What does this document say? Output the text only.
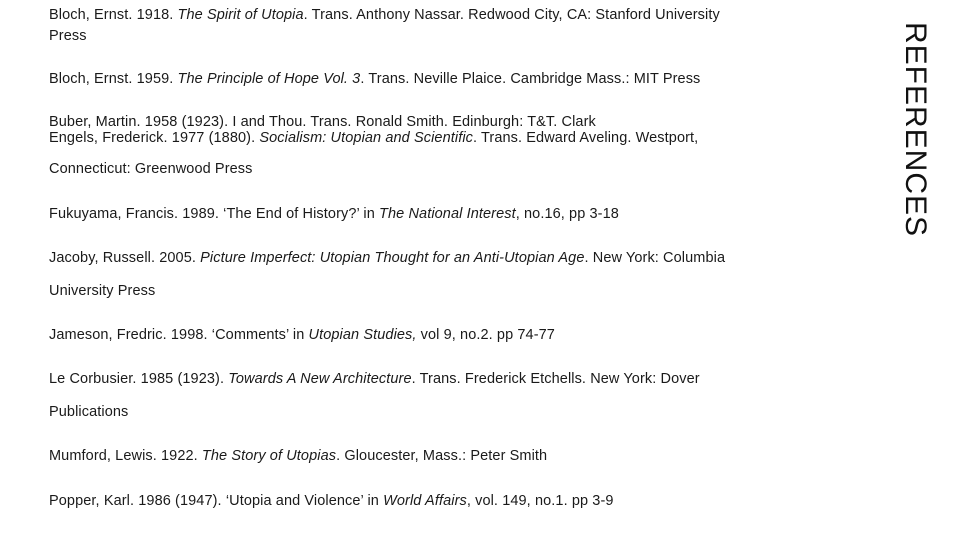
Bloch, Ernst. 1918. The Spirit of Utopia. Trans. Anthony Nassar. Redwood City, CA: Stanford University
Press
Bloch, Ernst. 1959. The Principle of Hope Vol. 3. Trans. Neville Plaice. Cambridge Mass.: MIT Press
Buber, Martin. 1958 (1923). I and Thou. Trans. Ronald Smith. Edinburgh: T&T. Clark
Engels, Frederick. 1977 (1880). Socialism: Utopian and Scientific. Trans. Edward Aveling. Westport,
Connecticut: Greenwood Press
Fukuyama, Francis. 1989. ‘The End of History?’ in The National Interest, no.16, pp 3-18
Jacoby, Russell. 2005. Picture Imperfect: Utopian Thought for an Anti-Utopian Age. New York: Columbia
University Press
Jameson, Fredric. 1998. ‘Comments’ in Utopian Studies, vol 9, no.2. pp 74-77
Le Corbusier. 1985 (1923). Towards A New Architecture. Trans. Frederick Etchells. New York: Dover
Publications
Mumford, Lewis. 1922. The Story of Utopias. Gloucester, Mass.: Peter Smith
Popper, Karl. 1986 (1947). ‘Utopia and Violence’ in World Affairs, vol. 149, no.1. pp 3-9
REFERENCES
